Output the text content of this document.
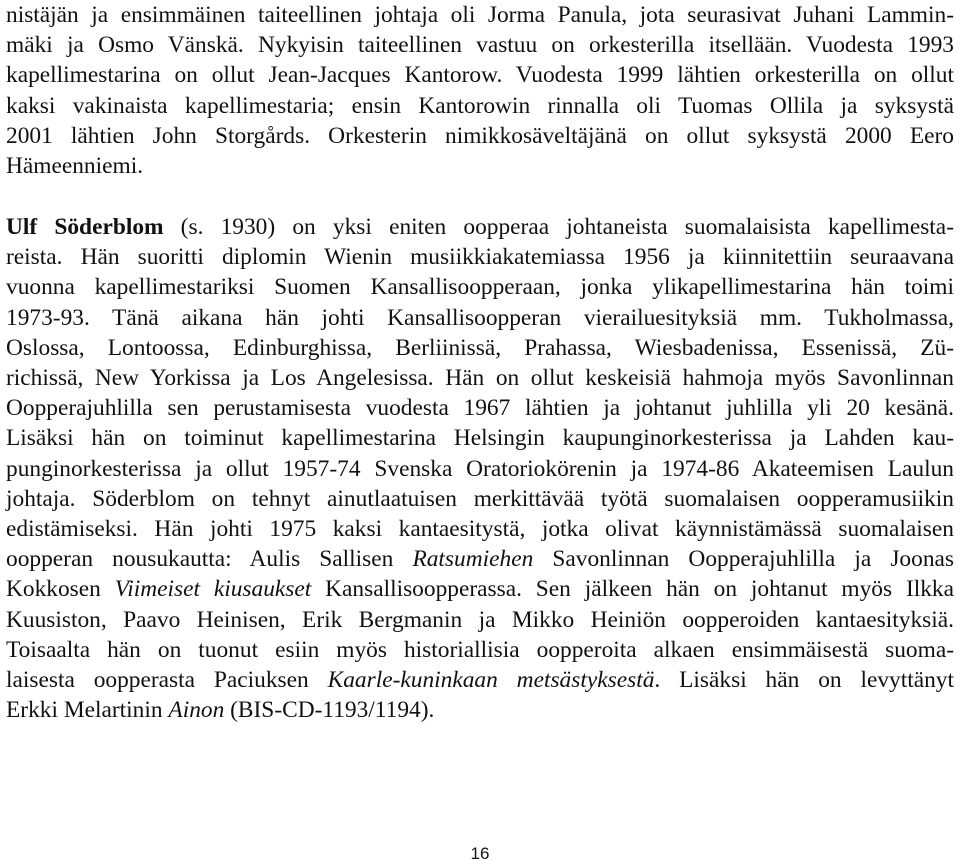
nistäjän ja ensimmäinen taiteellinen johtaja oli Jorma Panula, jota seurasivat Juhani Lammin-
mäki ja Osmo Vänskä. Nykyisin taiteellinen vastuu on orkesterilla itsellään. Vuodesta 1993
kapellimestarina on ollut Jean-Jacques Kantorow. Vuodesta 1999 lähtien orkesterilla on ollut
kaksi vakinaista kapellimestaria; ensin Kantorowin rinnalla oli Tuomas Ollila ja syksystä
2001 lähtien John Storgårds. Orkesterin nimikkosäveltäjänä on ollut syksystä 2000 Eero
Hämeenniemi.
Ulf Söderblom (s. 1930) on yksi eniten oopperaa johtaneista suomalaisista kapellimesta-
reista. Hän suoritti diplomin Wienin musiikkiakatemiassa 1956 ja kiinnitettiin seuraavana
vuonna kapellimestariksi Suomen Kansallisoopperaan, jonka ylikapellimestarina hän toimi
1973-93. Tänä aikana hän johti Kansallisoopperan vierailuesityksiä mm. Tukholmassa,
Oslossa, Lontoossa, Edinburghissa, Berliinissä, Prahassa, Wiesbadenissa, Essenissä, Zü-
richissä, New Yorkissa ja Los Angelesissa. Hän on ollut keskeisiä hahmoja myös Savonlinnan
Oopperajuhlilla sen perustamisesta vuodesta 1967 lähtien ja johtanut juhlilla yli 20 kesänä.
Lisäksi hän on toiminut kapellimestarina Helsingin kaupunginorkesterissa ja Lahden kau-
punginorkesterissa ja ollut 1957-74 Svenska Oratoriokörenin ja 1974-86 Akateemisen Laulun
johtaja. Söderblom on tehnyt ainutlaatuisen merkittävää työtä suomalaisen oopperamusiikin
edistämiseksi. Hän johti 1975 kaksi kantaesitystä, jotka olivat käynnistämässä suomalaisen
oopperan nousukautta: Aulis Sallisen Ratsumiehen Savonlinnan Oopperajuhlilla ja Joonas
Kokkosen Viimeiset kiusaukset Kansallisoopperassa. Sen jälkeen hän on johtanut myös Ilkka
Kuusiston, Paavo Heinisen, Erik Bergmanin ja Mikko Heiniön oopperoiden kantaesityksiä.
Toisaalta hän on tuonut esiin myös historiallisia oopperoita alkaen ensimmäisestä suoma-
laisesta oopperasta Paciuksen Kaarle-kuninkaan metsästyksestä. Lisäksi hän on levyttänyt
Erkki Melartinin Ainon (BIS-CD-1193/1194).
16
